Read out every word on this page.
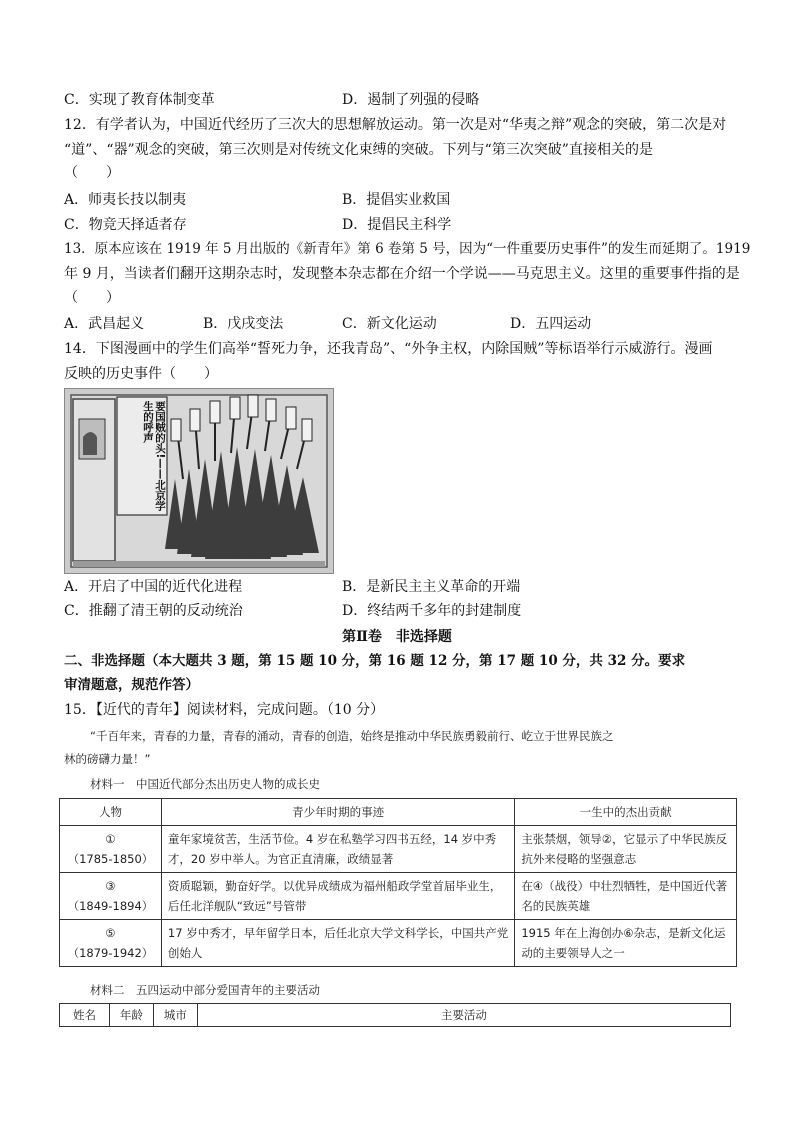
C．实现了教育体制变革	D．遏制了列强的侵略
12．有学者认为，中国近代经历了三次大的思想解放运动。第一次是对“华夷之辩”观念的突破，第二次是对
“道”、“器”观念的突破，第三次则是对传统文化束缚的突破。下列与“第三次突破”直接相关的是
（　　）
A．师夷长技以制夷	B．提倡实业救国
C．物竞天择适者存	D．提倡民主科学
13．原本应该在 1919 年 5 月出版的《新青年》第 6 卷第 5 号，因为“一件重要历史事件”的发生而延期了。1919
年 9 月，当读者们翻开这期杂志时，发现整本杂志都在介绍一个学说——马克思主义。这里的重要事件指的是
（　　）
A．武昌起义	B．戊戌变法	C．新文化运动	D．五四运动
14．下图漫画中的学生们高举“誓死力争，还我青岛”、“外争主权，内除国贼”等标语举行示威游行。漫画
反映的历史事件（　　）
要国贼的头!——北京学生的呼声
A．开启了中国的近代化进程	B．是新民主主义革命的开端
C．推翻了清王朝的反动统治	D．终结两千多年的封建制度
第Ⅱ卷　非选择题
二、非选择题（本大题共 3 题，第 15 题 10 分，第 16 题 12 分，第 17 题 10 分，共 32 分。要求
审清题意，规范作答）
15．【近代的青年】阅读材料，完成问题。（10 分）
“千百年来，青春的力量，青春的涌动，青春的创造，始终是推动中华民族勇毅前行、屹立于世界民族之
林的磅礴力量！”
材料一　中国近代部分杰出历史人物的成长史
人物	青少年时期的事迹	一生中的杰出贡献

①
（1785-1850）	童年家境贫苦，生活节俭。4 岁在私塾学习四书五经，14 岁中秀才，20 岁中举人。为官正直清廉，政绩显著	主张禁烟，领导②，它显示了中华民族反抗外来侵略的坚强意志

③
（1849-1894）	资质聪颖，勤奋好学。以优异成绩成为福州船政学堂首届毕业生，后任北洋舰队“致远”号管带	在④（战役）中壮烈牺牲，是中国近代著名的民族英雄

⑤
（1879-1942）	17 岁中秀才，早年留学日本，后任北京大学文科学长，中国共产党创始人	1915 年在上海创办⑥杂志，是新文化运动的主要领导人之一
材料二　五四运动中部分爱国青年的主要活动
姓名	年龄	城市	主要活动
